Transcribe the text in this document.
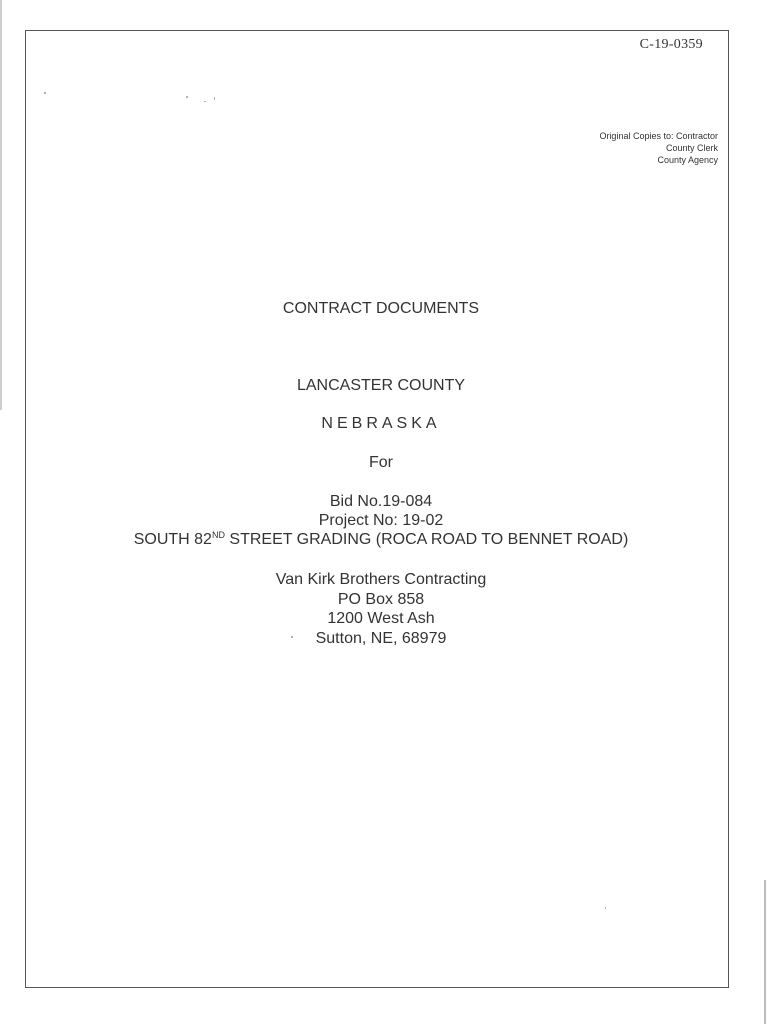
C-19-0359
Original Copies to: Contractor
County Clerk
County Agency
CONTRACT DOCUMENTS
LANCASTER COUNTY
NEBRASKA
For
Bid No.19-084
Project No: 19-02
SOUTH 82ND STREET GRADING (ROCA ROAD TO BENNET ROAD)
Van Kirk Brothers Contracting
PO Box 858
1200 West Ash
Sutton, NE, 68979
